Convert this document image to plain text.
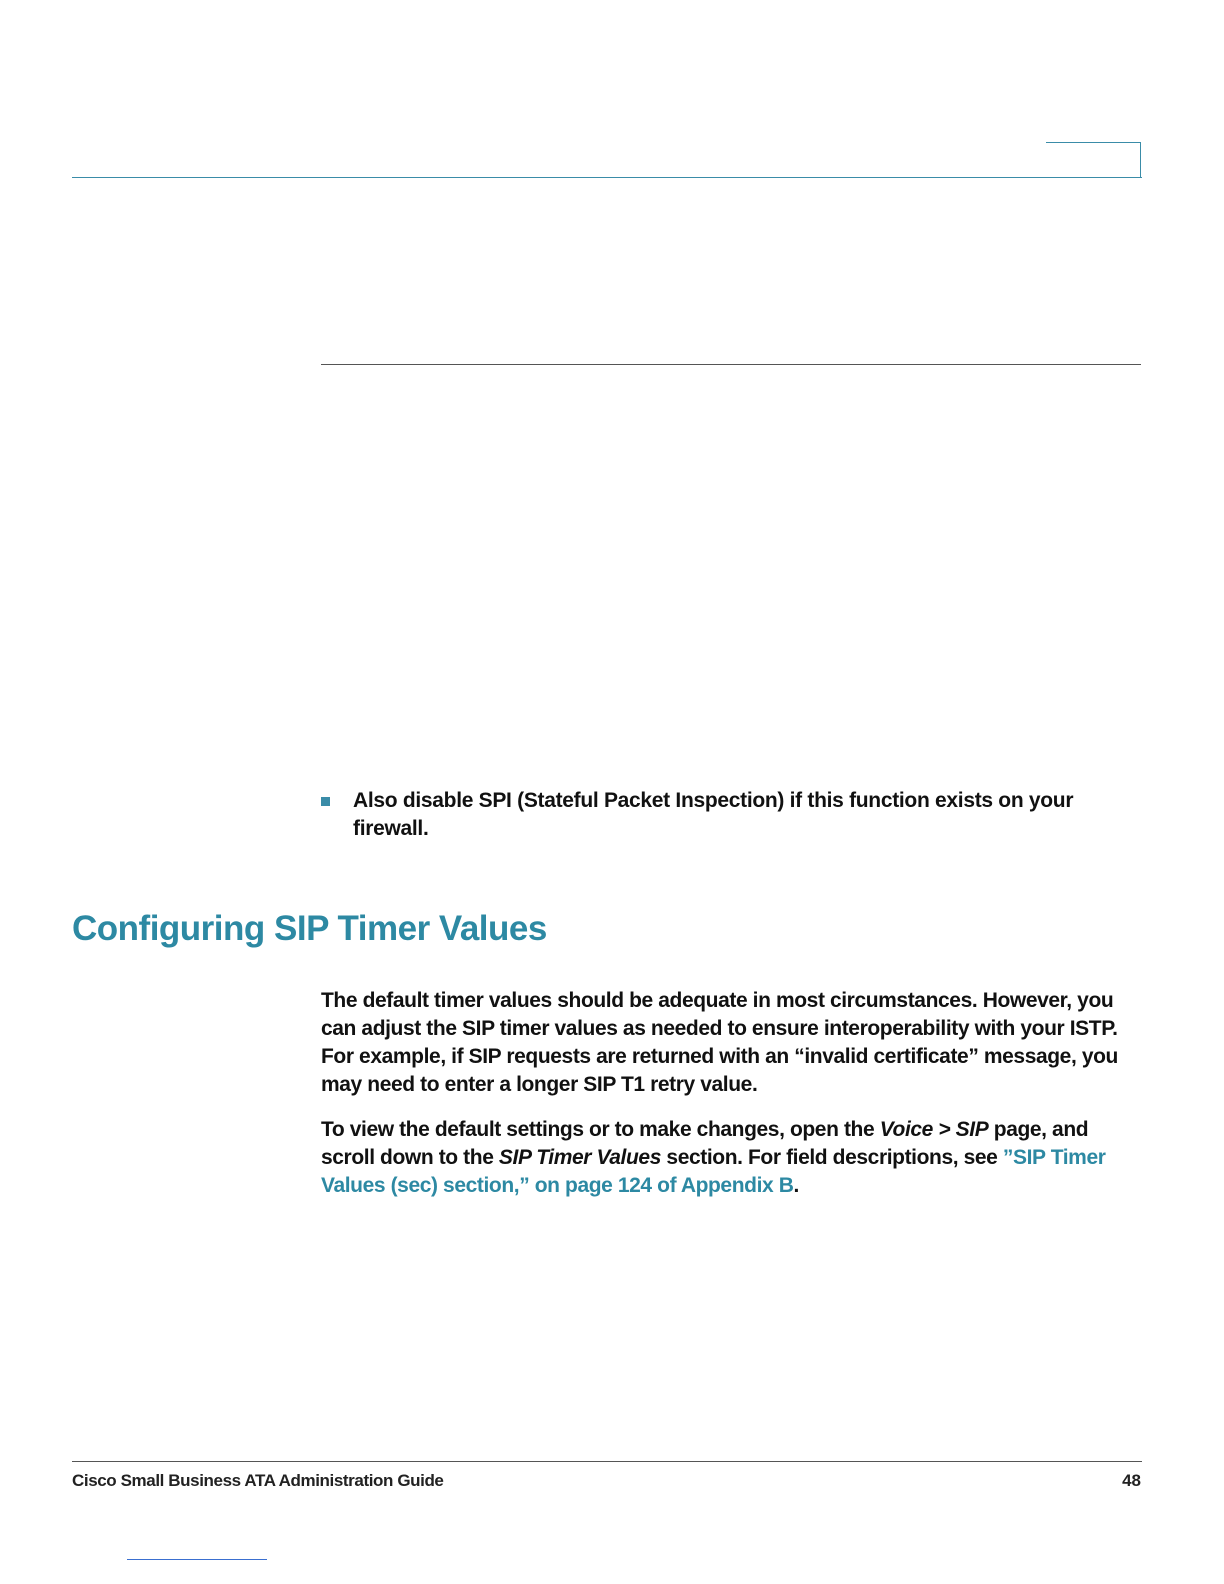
Also disable SPI (Stateful Packet Inspection) if this function exists on your firewall.
Configuring SIP Timer Values

The default timer values should be adequate in most circumstances. However, you can adjust the SIP timer values as needed to ensure interoperability with your ISTP. For example, if SIP requests are returned with an “invalid certificate” message, you may need to enter a longer SIP T1 retry value.

To view the default settings or to make changes, open the Voice > SIP page, and scroll down to the SIP Timer Values section. For field descriptions, see ”SIP Timer Values (sec) section,” on page 124 of Appendix B.

Cisco Small Business ATA Administration Guide	48
